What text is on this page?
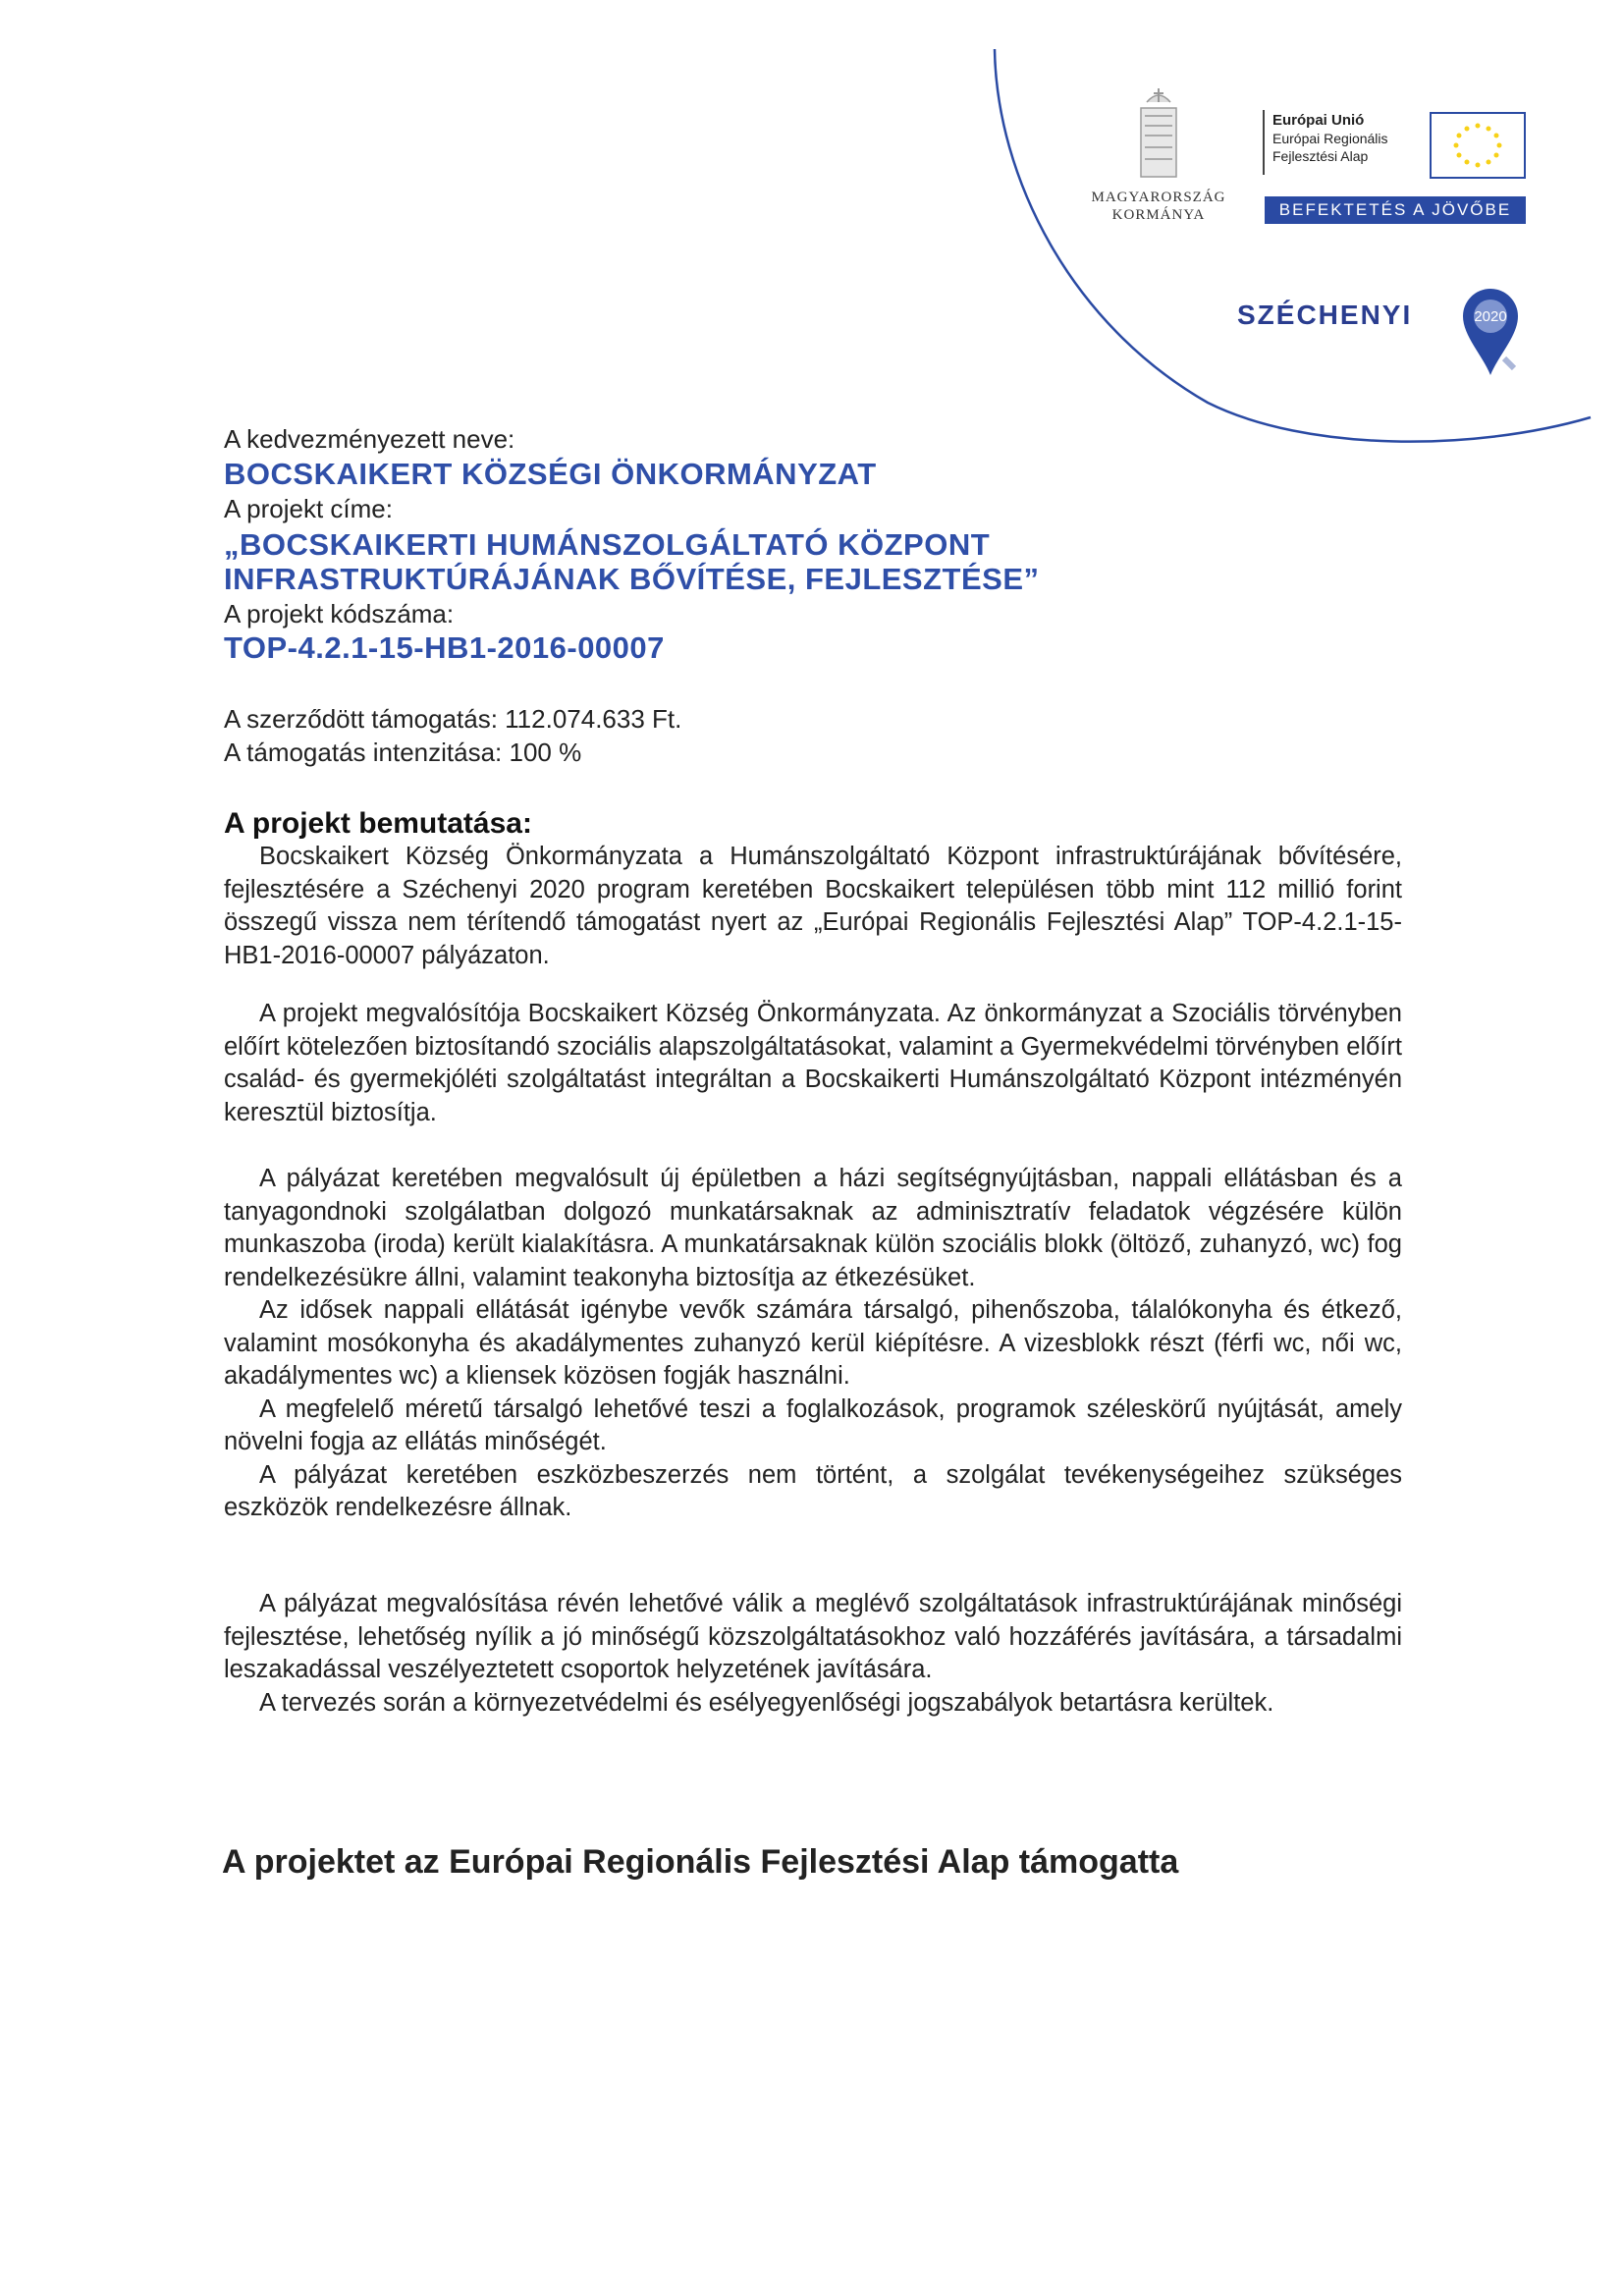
MAGYARORSZÁG
KORMÁNYA
Európai Unió
Európai Regionális
Fejlesztési Alap
BEFEKTETÉS A JÖVŐBE
SZÉCHENYI	2020
A kedvezményezett neve:
BOCSKAIKERT KÖZSÉGI ÖNKORMÁNYZAT
A projekt címe:
„BOCSKAIKERTI HUMÁNSZOLGÁLTATÓ KÖZPONT
INFRASTRUKTÚRÁJÁNAK BŐVÍTÉSE, FEJLESZTÉSE”
A projekt kódszáma:
TOP-4.2.1-15-HB1-2016-00007
A szerződött támogatás: 112.074.633 Ft.
A támogatás intenzitása: 100 %
A projekt bemutatása:

Bocskaikert Község Önkormányzata a Humánszolgáltató Központ infrastruktúrájának bővítésére, fejlesztésére a Széchenyi 2020 program keretében Bocskaikert településen több mint 112 millió forint összegű vissza nem térítendő támogatást nyert az „Európai Regionális Fejlesztési Alap” TOP-4.2.1-15-HB1-2016-00007 pályázaton.

A projekt megvalósítója Bocskaikert Község Önkormányzata. Az önkormányzat a Szociális törvényben előírt kötelezően biztosítandó szociális alapszolgáltatásokat, valamint a Gyermekvédelmi törvényben előírt család- és gyermekjóléti szolgáltatást integráltan a Bocskaikerti Humánszolgáltató Központ intézményén keresztül biztosítja.

A pályázat keretében megvalósult új épületben a házi segítségnyújtásban, nappali ellátásban és a tanyagondnoki szolgálatban dolgozó munkatársaknak az adminisztratív feladatok végzésére külön munkaszoba (iroda) került kialakításra. A munkatársaknak külön szociális blokk (öltöző, zuhanyzó, wc) fog rendelkezésükre állni, valamint teakonyha biztosítja az étkezésüket.

Az idősek nappali ellátását igénybe vevők számára társalgó, pihenőszoba, tálalókonyha és étkező, valamint mosókonyha és akadálymentes zuhanyzó kerül kiépítésre. A vizesblokk részt (férfi wc, női wc, akadálymentes wc) a kliensek közösen fogják használni.

A megfelelő méretű társalgó lehetővé teszi a foglalkozások, programok széleskörű nyújtását, amely növelni fogja az ellátás minőségét.

A pályázat keretében eszközbeszerzés nem történt, a szolgálat tevékenységeihez szükséges eszközök rendelkezésre állnak.

A pályázat megvalósítása révén lehetővé válik a meglévő szolgáltatások infrastruktúrájának minőségi fejlesztése, lehetőség nyílik a jó minőségű közszolgáltatásokhoz való hozzáférés javítására, a társadalmi leszakadással veszélyeztetett csoportok helyzetének javítására.

A tervezés során a környezetvédelmi és esélyegyenlőségi jogszabályok betartásra kerültek.

A projektet az Európai Regionális Fejlesztési Alap támogatta
